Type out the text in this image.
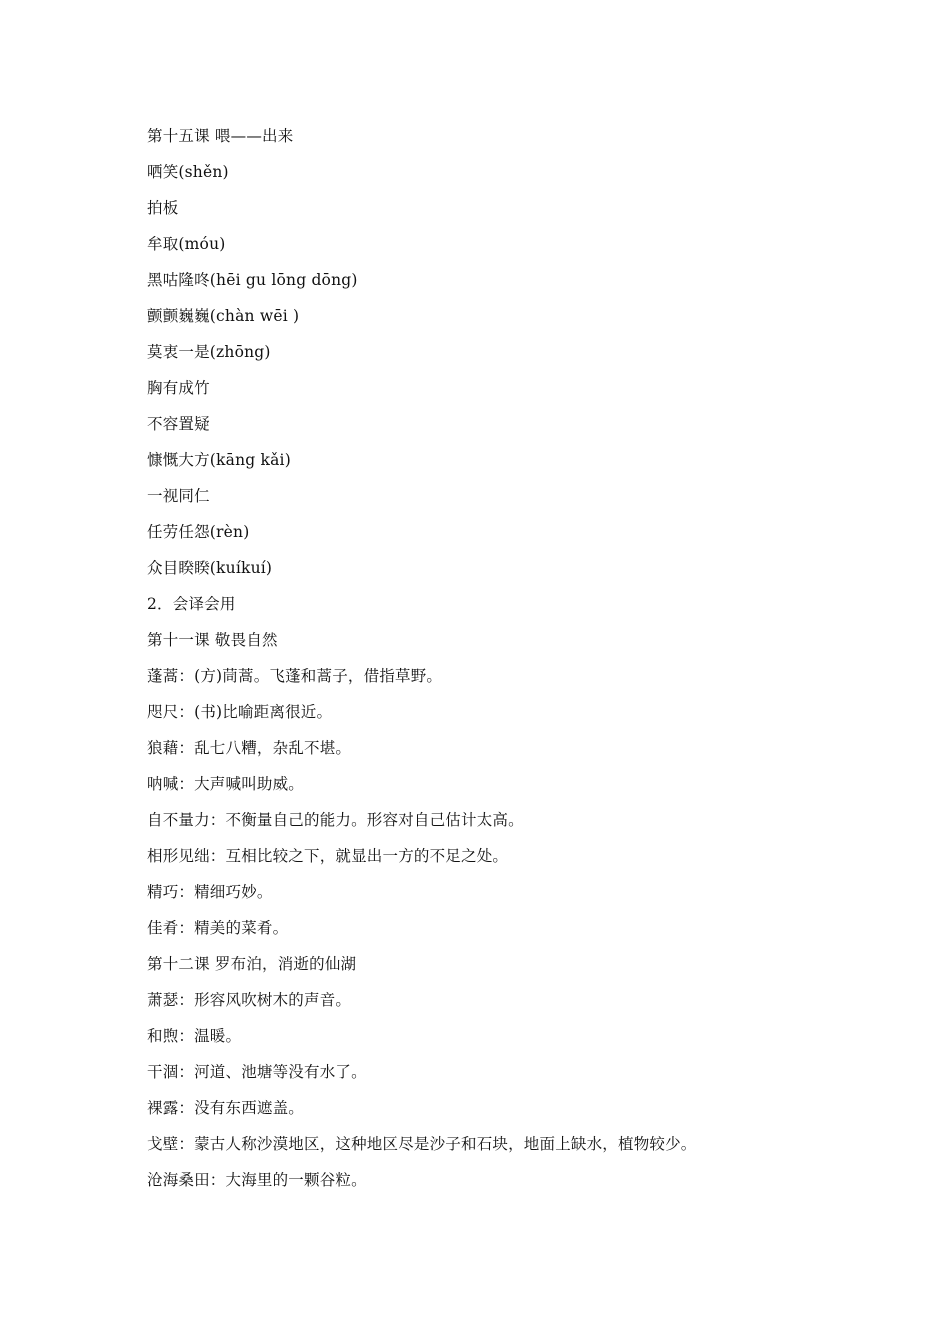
第十五课 喂——出来
哂笑(shěn)
拍板
牟取(móu)
黑咕隆咚(hēi gu lōng dōng)
颤颤巍巍(chàn wēi )
莫衷一是(zhōng)
胸有成竹
不容置疑
慷慨大方(kāng kǎi)
一视同仁
任劳任怨(rèn)
众目睽睽(kuíkuí)
2．会译会用
第十一课 敬畏自然
蓬蒿：(方)茼蒿。飞蓬和蒿子，借指草野。
咫尺：(书)比喻距离很近。
狼藉：乱七八糟，杂乱不堪。
呐喊：大声喊叫助威。
自不量力：不衡量自己的能力。形容对自己估计太高。
相形见绌：互相比较之下，就显出一方的不足之处。
精巧：精细巧妙。
佳肴：精美的菜肴。
第十二课 罗布泊，消逝的仙湖
萧瑟：形容风吹树木的声音。
和煦：温暖。
干涸：河道、池塘等没有水了。
裸露：没有东西遮盖。
戈壁：蒙古人称沙漠地区，这种地区尽是沙子和石块，地面上缺水，植物较少。
沧海桑田：大海里的一颗谷粒。
